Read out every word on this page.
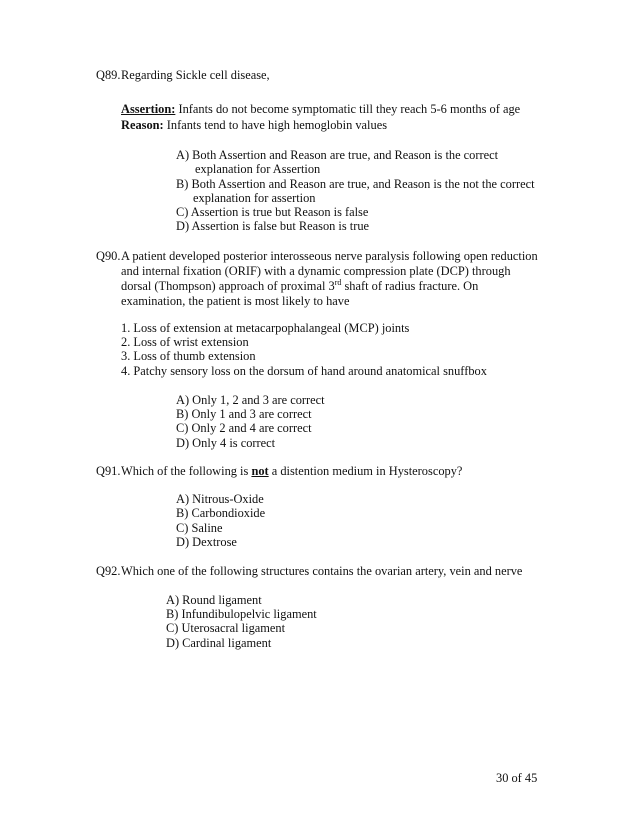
Q89. Regarding Sickle cell disease,
Assertion: Infants do not become symptomatic till they reach 5-6 months of age
Reason: Infants tend to have high hemoglobin values
A) Both Assertion and Reason are true, and Reason is the correct
explanation for Assertion
B) Both Assertion and Reason are true, and Reason is the not the correct
explanation for assertion
C) Assertion is true but Reason is false
D) Assertion is false but Reason is true
Q90. A patient developed posterior interosseous nerve paralysis following open reduction
and internal fixation (ORIF) with a dynamic compression plate (DCP) through
dorsal (Thompson) approach of proximal 3rd shaft of radius fracture. On
examination, the patient is most likely to have
1. Loss of extension at metacarpophalangeal (MCP) joints
2. Loss of wrist extension
3. Loss of thumb extension
4. Patchy sensory loss on the dorsum of hand around anatomical snuffbox
A) Only 1, 2 and 3 are correct
B) Only 1 and 3 are correct
C) Only 2 and 4 are correct
D) Only 4 is correct
Q91. Which of the following is not a distention medium in Hysteroscopy?
A) Nitrous-Oxide
B) Carbondioxide
C) Saline
D) Dextrose
Q92. Which one of the following structures contains the ovarian artery, vein and nerve
A) Round ligament
B) Infundibulopelvic ligament
C) Uterosacral ligament
D) Cardinal ligament
30 of 45
